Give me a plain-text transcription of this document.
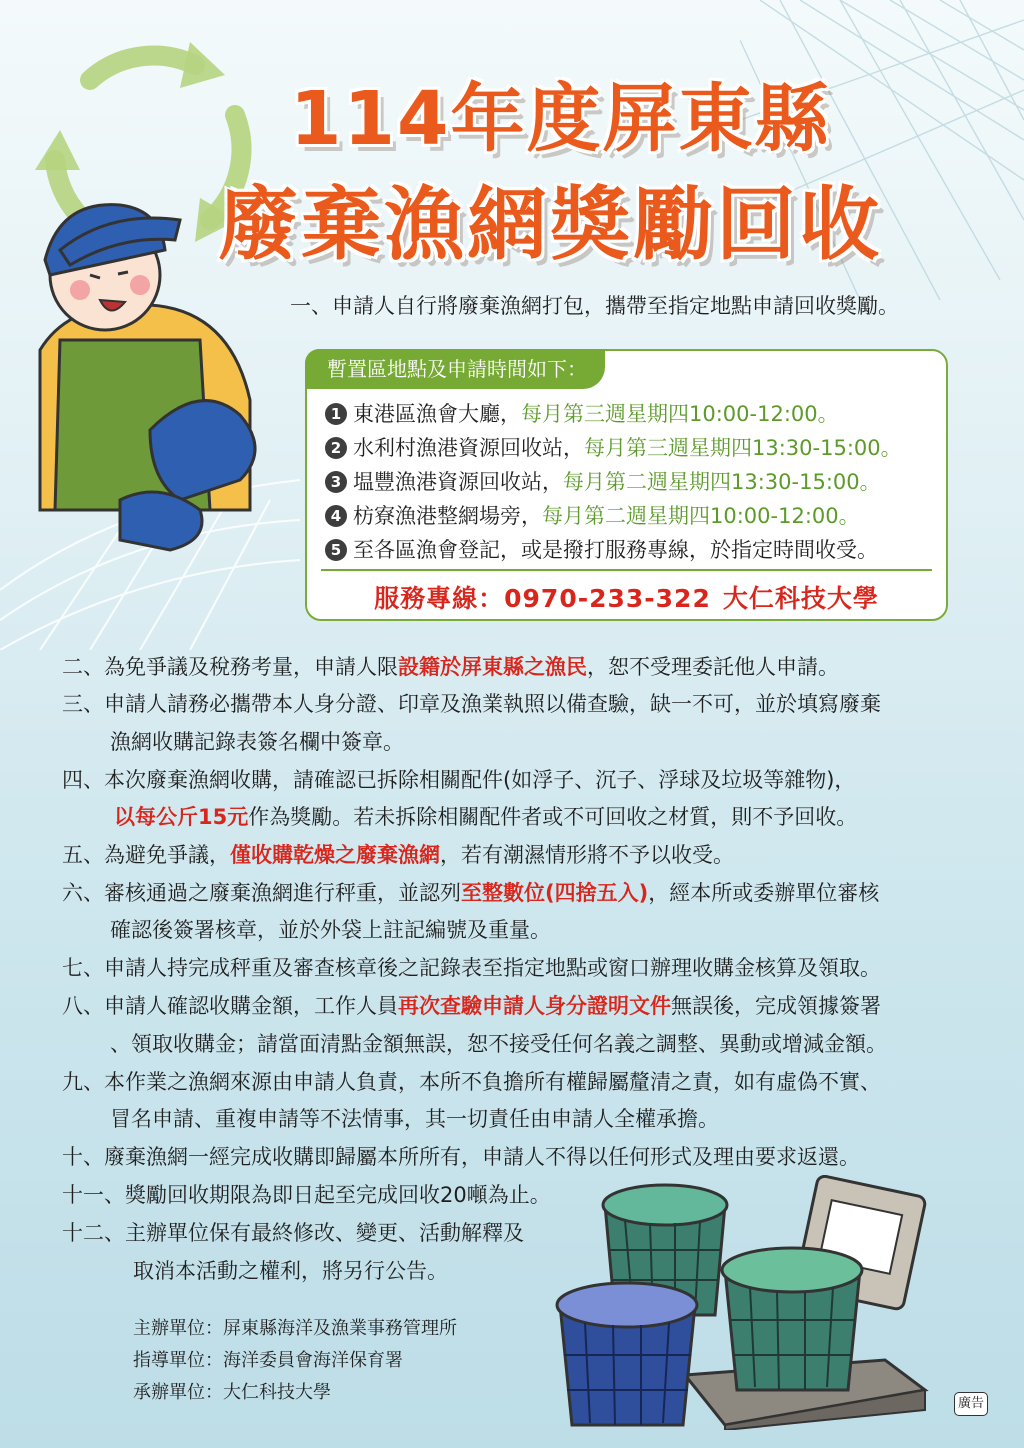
114年度屏東縣
廢棄漁網獎勵回收
一、申請人自行將廢棄漁網打包，攜帶至指定地點申請回收獎勵。
暫置區地點及申請時間如下：
1 東港區漁會大廳，每月第三週星期四10:00-12:00。
2 水利村漁港資源回收站，每月第三週星期四13:30-15:00。
3 塭豐漁港資源回收站，每月第二週星期四13:30-15:00。
4 枋寮漁港整網場旁，每月第二週星期四10:00-12:00。
5 至各區漁會登記，或是撥打服務專線，於指定時間收受。
服務專線：0970-233-322 大仁科技大學
二、為免爭議及稅務考量，申請人限設籍於屏東縣之漁民，恕不受理委託他人申請。
三、申請人請務必攜帶本人身分證、印章及漁業執照以備查驗，缺一不可，並於填寫廢棄
漁網收購記錄表簽名欄中簽章。
四、本次廢棄漁網收購，請確認已拆除相關配件(如浮子、沉子、浮球及垃圾等雜物)，
以每公斤15元作為獎勵。若未拆除相關配件者或不可回收之材質，則不予回收。
五、為避免爭議，僅收購乾燥之廢棄漁網，若有潮濕情形將不予以收受。
六、審核通過之廢棄漁網進行秤重，並認列至整數位(四捨五入)，經本所或委辦單位審核
確認後簽署核章，並於外袋上註記編號及重量。
七、申請人持完成秤重及審查核章後之記錄表至指定地點或窗口辦理收購金核算及領取。
八、申請人確認收購金額，工作人員再次查驗申請人身分證明文件無誤後，完成領據簽署
、領取收購金；請當面清點金額無誤，恕不接受任何名義之調整、異動或增減金額。
九、本作業之漁網來源由申請人負責，本所不負擔所有權歸屬釐清之責，如有虛偽不實、
冒名申請、重複申請等不法情事，其一切責任由申請人全權承擔。
十、廢棄漁網一經完成收購即歸屬本所所有，申請人不得以任何形式及理由要求返還。
十一、獎勵回收期限為即日起至完成回收20噸為止。
十二、主辦單位保有最終修改、變更、活動解釋及
取消本活動之權利，將另行公告。
主辦單位：屏東縣海洋及漁業事務管理所
指導單位：海洋委員會海洋保育署
承辦單位：大仁科技大學
廣告
